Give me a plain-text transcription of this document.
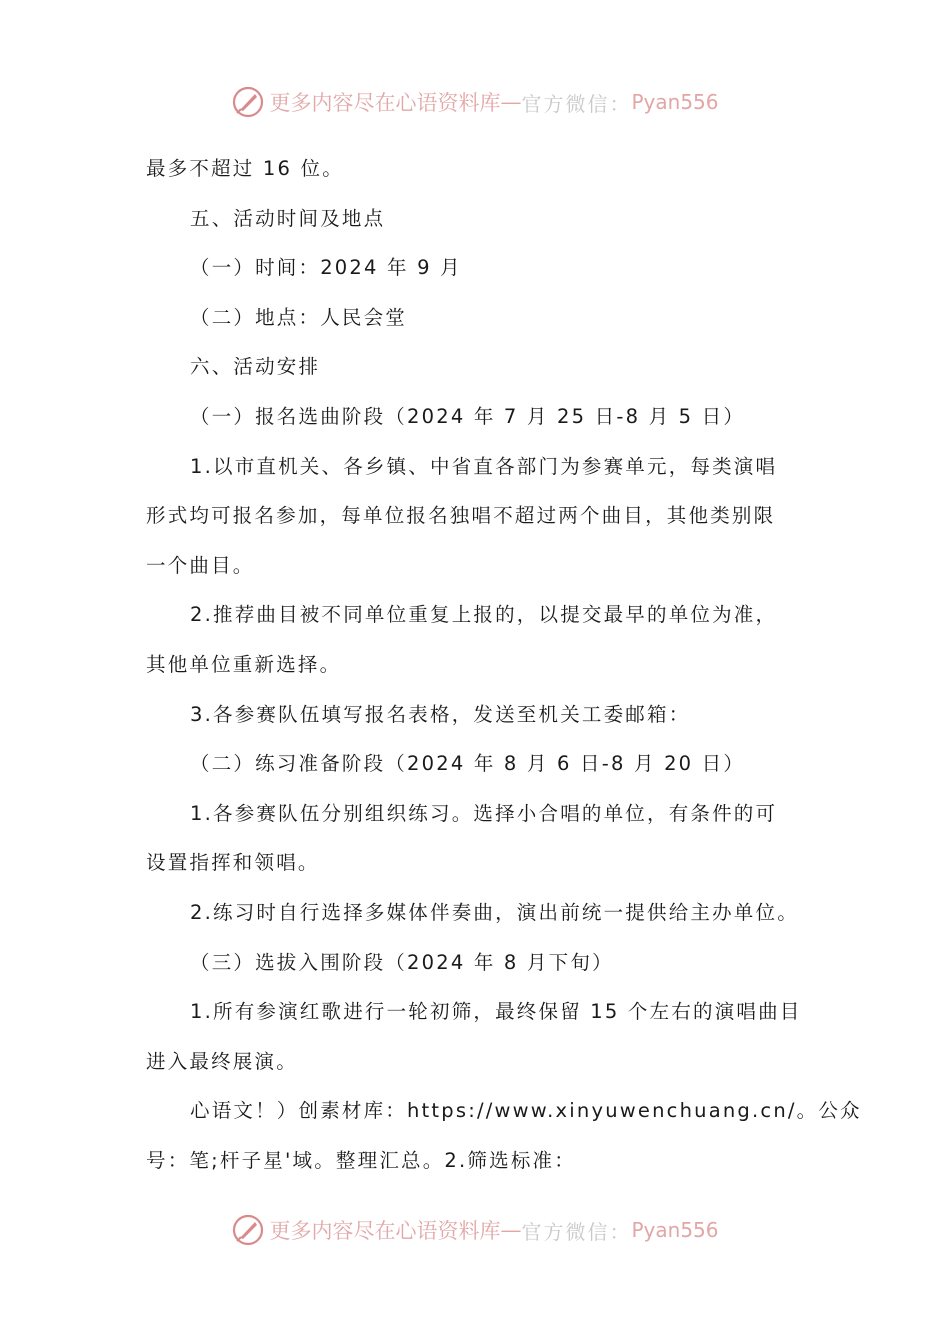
更多内容尽在心语资料库 — 官方微信： Pyan556

最多不超过 16 位。

五、活动时间及地点

（一）时间：2024 年 9 月

（二）地点：人民会堂

六、活动安排

（一）报名选曲阶段（2024 年 7 月 25 日-8 月 5 日）

1.以市直机关、各乡镇、中省直各部门为参赛单元，每类演唱

形式均可报名参加，每单位报名独唱不超过两个曲目，其他类别限

一个曲目。

2.推荐曲目被不同单位重复上报的，以提交最早的单位为准，

其他单位重新选择。

3.各参赛队伍填写报名表格，发送至机关工委邮箱：

（二）练习准备阶段（2024 年 8 月 6 日-8 月 20 日）

1.各参赛队伍分别组织练习。选择小合唱的单位，有条件的可

设置指挥和领唱。

2.练习时自行选择多媒体伴奏曲，演出前统一提供给主办单位。

（三）选拔入围阶段（2024 年 8 月下旬）

1.所有参演红歌进行一轮初筛，最终保留 15 个左右的演唱曲目

进入最终展演。

心语文！）创素材库：https://www.xinyuwenchuang.cn/。公众

号：笔;杆子星'域。整理汇总。2.筛选标准：

更多内容尽在心语资料库 — 官方微信： Pyan556
